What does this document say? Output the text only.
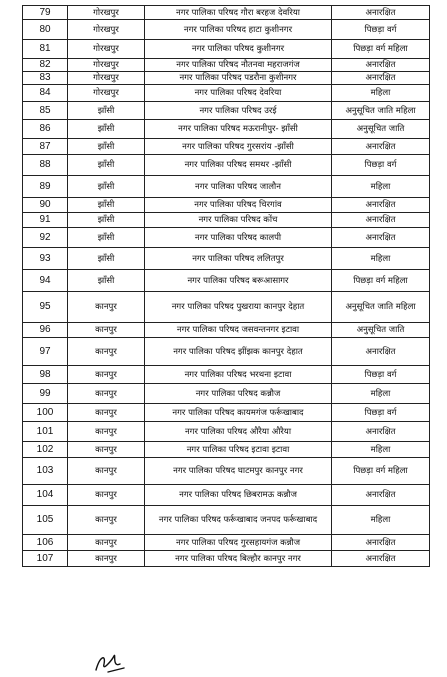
79	गोरखपुर	नगर पालिका परिषद गौरा बरहज देवरिया	अनारक्षित
80	गोरखपुर	नगर पालिका परिषद हाटा कुशीनगर	पिछड़ा वर्ग
81	गोरखपुर	नगर पालिका परिषद कुशीनगर	पिछड़ा वर्ग महिला
82	गोरखपुर	नगर पालिका परिषद नौतनवा महराजगंज	अनारक्षित
83	गोरखपुर	नगर पालिका परिषद पडरौना कुशीनगर	अनारक्षित
84	गोरखपुर	नगर पालिका परिषद देवरिया	महिला
85	झाँसी	नगर पालिका परिषद उरई	अनुसूचित जाति महिला
86	झाँसी	नगर पालिका परिषद मऊरानीपुर- झाँसी	अनुसूचित जाति
87	झाँसी	नगर पालिका परिषद गुरसरांय -झाँसी	अनारक्षित
88	झाँसी	नगर पालिका परिषद समथर -झाँसी	पिछड़ा वर्ग
89	झाँसी	नगर पालिका परिषद जालौन	महिला
90	झाँसी	नगर पालिका परिषद चिरगांव	अनारक्षित
91	झाँसी	नगर पालिका परिषद कोंच	अनारक्षित
92	झाँसी	नगर पालिका परिषद कालपी	अनारक्षित
93	झाँसी	नगर पालिका परिषद ललितपुर	महिला
94	झाँसी	नगर पालिका परिषद बरूआसागर	पिछड़ा वर्ग महिला
95	कानपुर	नगर पालिका परिषद पुखराया कानपुर देहात	अनुसूचित जाति महिला
96	कानपुर	नगर पालिका परिषद जसवन्तनगर इटावा	अनुसूचित जाति
97	कानपुर	नगर पालिका परिषद झींझक कानपुर देहात	अनारक्षित
98	कानपुर	नगर पालिका परिषद भरथना इटावा	पिछड़ा वर्ग
99	कानपुर	नगर पालिका परिषद कन्नौज	महिला
100	कानपुर	नगर पालिका परिषद कायमगंज फर्रूखाबाद	पिछड़ा वर्ग
101	कानपुर	नगर पालिका परिषद औरैया औरैया	अनारक्षित
102	कानपुर	नगर पालिका परिषद इटावा इटावा	महिला
103	कानपुर	नगर पालिका परिषद घाटमपुर कानपुर नगर	पिछड़ा वर्ग महिला
104	कानपुर	नगर पालिका परिषद छिबरामऊ कन्नौज	अनारक्षित
105	कानपुर	नगर पालिका परिषद फर्रूखाबाद जनपद फर्रूखाबाद	महिला
106	कानपुर	नगर पालिका परिषद गुरसहायगंज कन्नौज	अनारक्षित
107	कानपुर	नगर पालिका परिषद बिल्हौर कानपुर नगर	अनारक्षित
